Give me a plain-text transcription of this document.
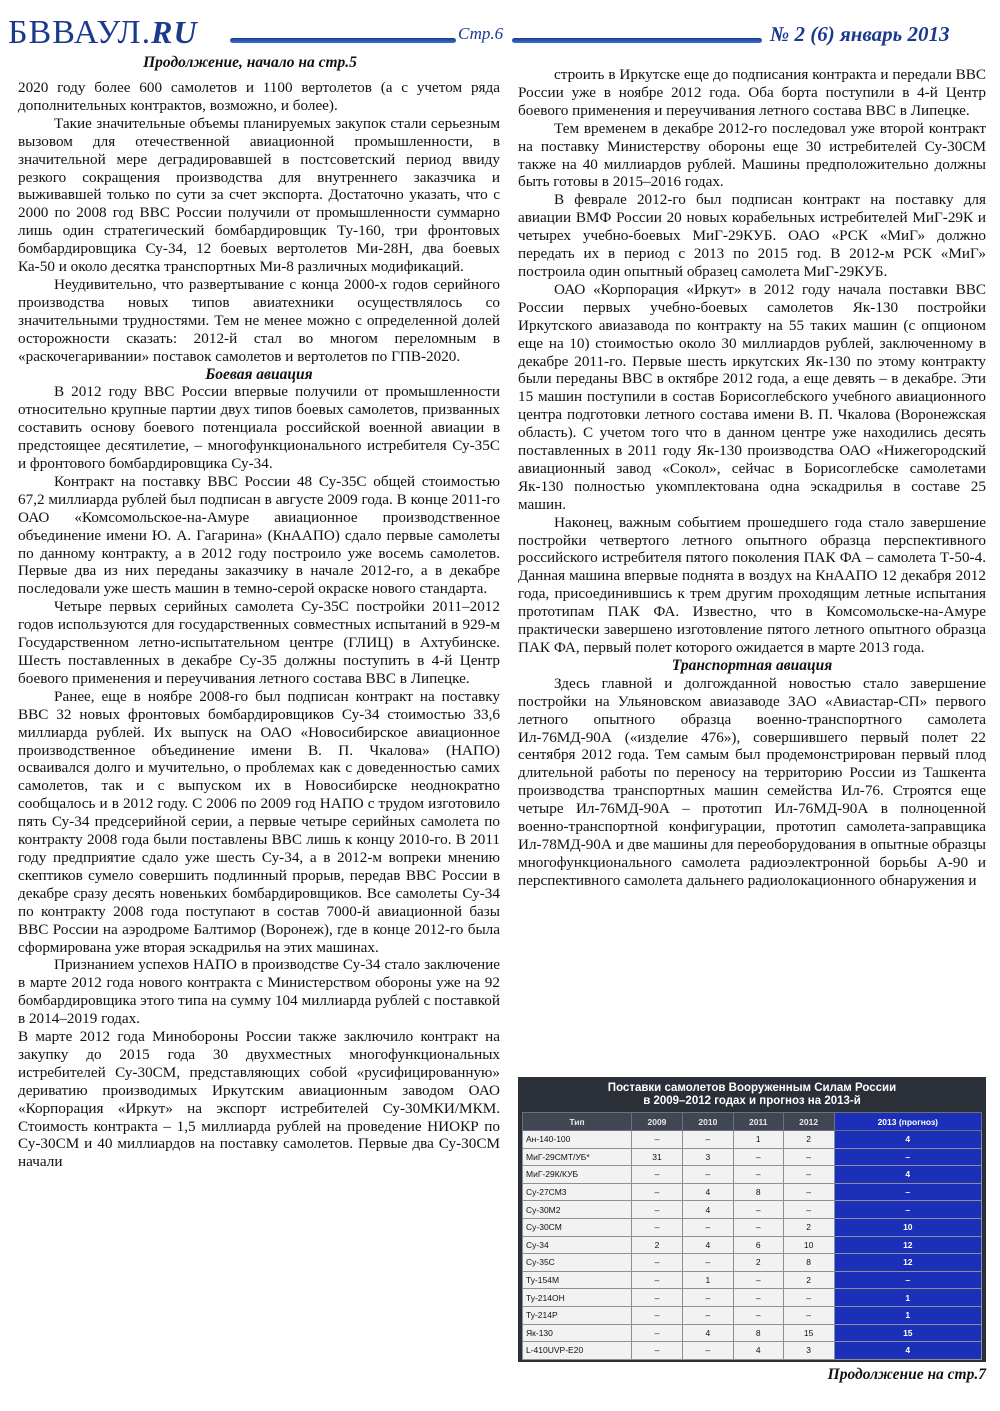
БВВАУЛ.RU	Стр.6	№ 2 (6) январь 2013
Продолжение, начало на стр.5

2020 году более 600 самолетов и 1100 вертолетов (а с учетом ряда дополнительных контрактов, возможно, и более).

Такие значительные объемы планируемых закупок стали серьезным вызовом для отечественной авиационной промышленности, в значительной мере деградировавшей в постсоветский период ввиду резкого сокращения производства для внутреннего заказчика и выживавшей только по сути за счет экспорта. Достаточно указать, что с 2000 по 2008 год ВВС России получили от промышленности суммарно лишь один стратегический бомбардировщик Ту-160, три фронтовых бомбардировщика Су-34, 12 боевых вертолетов Ми-28Н, два боевых Ка-50 и около десятка транспортных Ми-8 различных модификаций.

Неудивительно, что развертывание с конца 2000-х годов серийного производства новых типов авиатехники осуществлялось со значительными трудностями. Тем не менее можно с определенной долей осторожности сказать: 2012-й стал во многом переломным в «раскочегаривании» поставок самолетов и вертолетов по ГПВ-2020.

Боевая авиация

В 2012 году ВВС России впервые получили от промышленности относительно крупные партии двух типов боевых самолетов, призванных составить основу боевого потенциала российской военной авиации в предстоящее десятилетие, – многофункционального истребителя Су-35С и фронтового бомбардировщика Су-34.

Контракт на поставку ВВС России 48 Су-35С общей стоимостью 67,2 миллиарда рублей был подписан в августе 2009 года. В конце 2011-го ОАО «Комсомольское-на-Амуре авиационное производственное объединение имени Ю. А. Гагарина» (КнААПО) сдало первые самолеты по данному контракту, а в 2012 году построило уже восемь самолетов. Первые два из них переданы заказчику в начале 2012-го, а в декабре последовали уже шесть машин в темно-серой окраске нового стандарта.

Четыре первых серийных самолета Су-35С постройки 2011–2012 годов используются для государственных совместных испытаний в 929-м Государственном летно-испытательном центре (ГЛИЦ) в Ахтубинске. Шесть поставленных в декабре Су-35 должны поступить в 4-й Центр боевого применения и переучивания летного состава ВВС в Липецке.

Ранее, еще в ноябре 2008-го был подписан контракт на поставку ВВС 32 новых фронтовых бомбардировщиков Су-34 стоимостью 33,6 миллиарда рублей. Их выпуск на ОАО «Новосибирское авиационное производственное объединение имени В. П. Чкалова» (НАПО) осваивался долго и мучительно, о проблемах как с доведенностью самих самолетов, так и с выпуском их в Новосибирске неоднократно сообщалось и в 2012 году. С 2006 по 2009 год НАПО с трудом изготовило пять Су-34 предсерийной серии, а первые четыре серийных самолета по контракту 2008 года были поставлены ВВС лишь к концу 2010-го. В 2011 году предприятие сдало уже шесть Су-34, а в 2012-м вопреки мнению скептиков сумело совершить подлинный прорыв, передав ВВС России в декабре сразу десять новеньких бомбардировщиков. Все самолеты Су-34 по контракту 2008 года поступают в состав 7000-й авиационной базы ВВС России на аэродроме Балтимор (Воронеж), где в конце 2012-го была сформирована уже вторая эскадрилья на этих машинах.

Признанием успехов НАПО в производстве Су-34 стало заключение в марте 2012 года нового контракта с Министерством обороны уже на 92 бомбардировщика этого типа на сумму 104 миллиарда рублей с поставкой в 2014–2019 годах.

В марте 2012 года Минобороны России также заключило контракт на закупку до 2015 года 30 двухместных многофункциональных истребителей Су-30СМ, представляющих собой «русифицированную» дериватию производимых Иркутским авиационным заводом ОАО «Корпорация «Иркут» на экспорт истребителей Су-30МКИ/МКМ. Стоимость контракта – 1,5 миллиарда рублей на проведение НИОКР по Су-30СМ и 40 миллиардов на поставку самолетов. Первые два Су-30СМ начали

строить в Иркутске еще до подписания контракта и передали ВВС России уже в ноябре 2012 года. Оба борта поступили в 4-й Центр боевого применения и переучивания летного состава ВВС в Липецке.

Тем временем в декабре 2012-го последовал уже второй контракт на поставку Министерству обороны еще 30 истребителей Су-30СМ также на 40 миллиардов рублей. Машины предположительно должны быть готовы в 2015–2016 годах.

В феврале 2012-го был подписан контракт на поставку для авиации ВМФ России 20 новых корабельных истребителей МиГ-29К и четырех учебно-боевых МиГ-29КУБ. ОАО «РСК «МиГ» должно передать их в период с 2013 по 2015 год. В 2012-м РСК «МиГ» построила один опытный образец самолета МиГ-29КУБ.

ОАО «Корпорация «Иркут» в 2012 году начала поставки ВВС России первых учебно-боевых самолетов Як-130 постройки Иркутского авиазавода по контракту на 55 таких машин (с опционом еще на 10) стоимостью около 30 миллиардов рублей, заключенному в декабре 2011-го. Первые шесть иркутских Як-130 по этому контракту были переданы ВВС в октябре 2012 года, а еще девять – в декабре. Эти 15 машин поступили в состав Борисоглебского учебного авиационного центра подготовки летного состава имени В. П. Чкалова (Воронежская область). С учетом того что в данном центре уже находились десять поставленных в 2011 году Як-130 производства ОАО «Нижегородский авиационный завод «Сокол», сейчас в Борисоглебске самолетами Як-130 полностью укомплектована одна эскадрилья в составе 25 машин.

Наконец, важным событием прошедшего года стало завершение постройки четвертого летного опытного образца перспективного российского истребителя пятого поколения ПАК ФА – самолета Т-50-4. Данная машина впервые поднята в воздух на КнААПО 12 декабря 2012 года, присоединившись к трем другим проходящим летные испытания прототипам ПАК ФА. Известно, что в Комсомольске-на-Амуре практически завершено изготовление пятого летного опытного образца ПАК ФА, первый полет которого ожидается в марте 2013 года.

Транспортная авиация

Здесь главной и долгожданной новостью стало завершение постройки на Ульяновском авиазаводе ЗАО «Авиастар-СП» первого летного опытного образца военно-транспортного самолета Ил-76МД-90А («изделие 476»), совершившего первый полет 22 сентября 2012 года. Тем самым был продемонстрирован первый плод длительной работы по переносу на территорию России из Ташкента производства транспортных машин семейства Ил-76. Строятся еще четыре Ил-76МД-90А – прототип Ил-76МД-90А в полноценной военно-транспортной конфигурации, прототип самолета-заправщика Ил-78МД-90А и две машины для переоборудования в опытные образцы многофункционального самолета радиоэлектронной борьбы А-90 и перспективного самолета дальнего радиолокационного обнаружения и

Поставки самолетов Вооруженным Силам России
в 2009–2012 годах и прогноз на 2013-й
Тип	2009	2010	2011	2012	2013 (прогноз)
Ан-140-100	–	–	1	2	4
МиГ-29СМТ/УБ*	31	3	–	–	–
МиГ-29К/КУБ	–	–	–	–	4
Су-27СМ3	–	4	8	–	–
Су-30М2	–	4	–	–	–
Су-30СМ	–	–	–	2	10
Су-34	2	4	6	10	12
Су-35С	–	–	2	8	12
Ту-154М	–	1	–	2	–
Ту-214ОН	–	–	–	–	1
Ту-214Р	–	–	–	–	1
Як-130	–	4	8	15	15
L-410UVP-E20	–	–	4	3	4
Продолжение на стр.7
